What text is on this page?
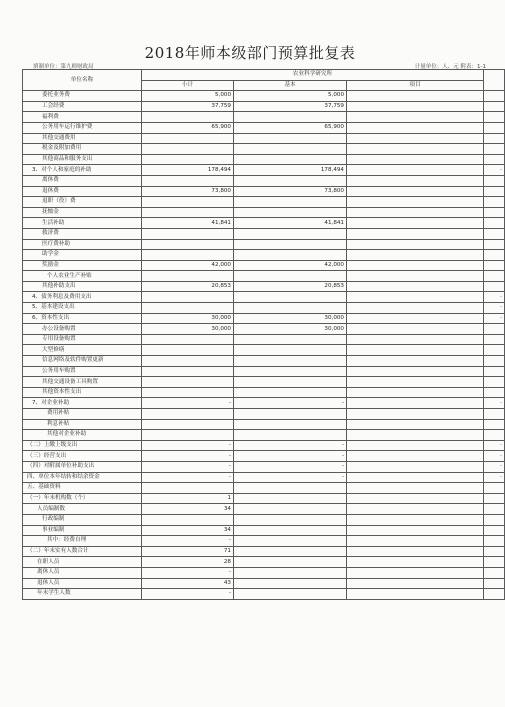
2018年师本级部门预算批复表
填制单位：第九师财政局	计量单位：人、元 附表：1-1
单位名称	农业科学研究所			
	小计	基本	项目	
委托业务费	5,000	5,000		
工会经费	37,759	37,759		
福利费				
公务用车运行维护费	65,900	65,900		
其他交通费用				
税金及附加费用				
其他商品和服务支出				
3、对个人和家庭的补助	178,494	178,494		-
离休费				
退休费	73,800	73,800		
退职（役）费				
抚恤金				
生活补助	41,841	41,841		
救济费				
医疗费补助				
助学金				
奖励金	42,000	42,000		
个人农业生产补贴				
其他补助支出	20,853	20,853		
4、债务利息及费用支出				-
5、基本建设支出				-
6、资本性支出	30,000	30,000		-
办公设备购置	30,000	30,000		
专用设备购置				
大型修缮				
信息网络及软件购置更新				
公务用车购置				
其他交通设备工具购置				
其他资本性支出				
7、对企业补助	-	-		-
费用补贴				
利息补贴				
其他对企业补助				
（二）上缴上级支出	-	-		-
（三）经营支出	-	-		-
（四）对附属单位补助支出	-	-		-
四、单位本年结转和结余资金	-	-		-
五、基础资料				
（一）年末机构数（个）	1			
人员编制数	34			
行政编制				
事业编制	34			
其中：经费自理	-			
（二）年末实有人数合计	71			
在职人员	28			
离休人员	-			
退休人员	43			
年末学生人数	-			
